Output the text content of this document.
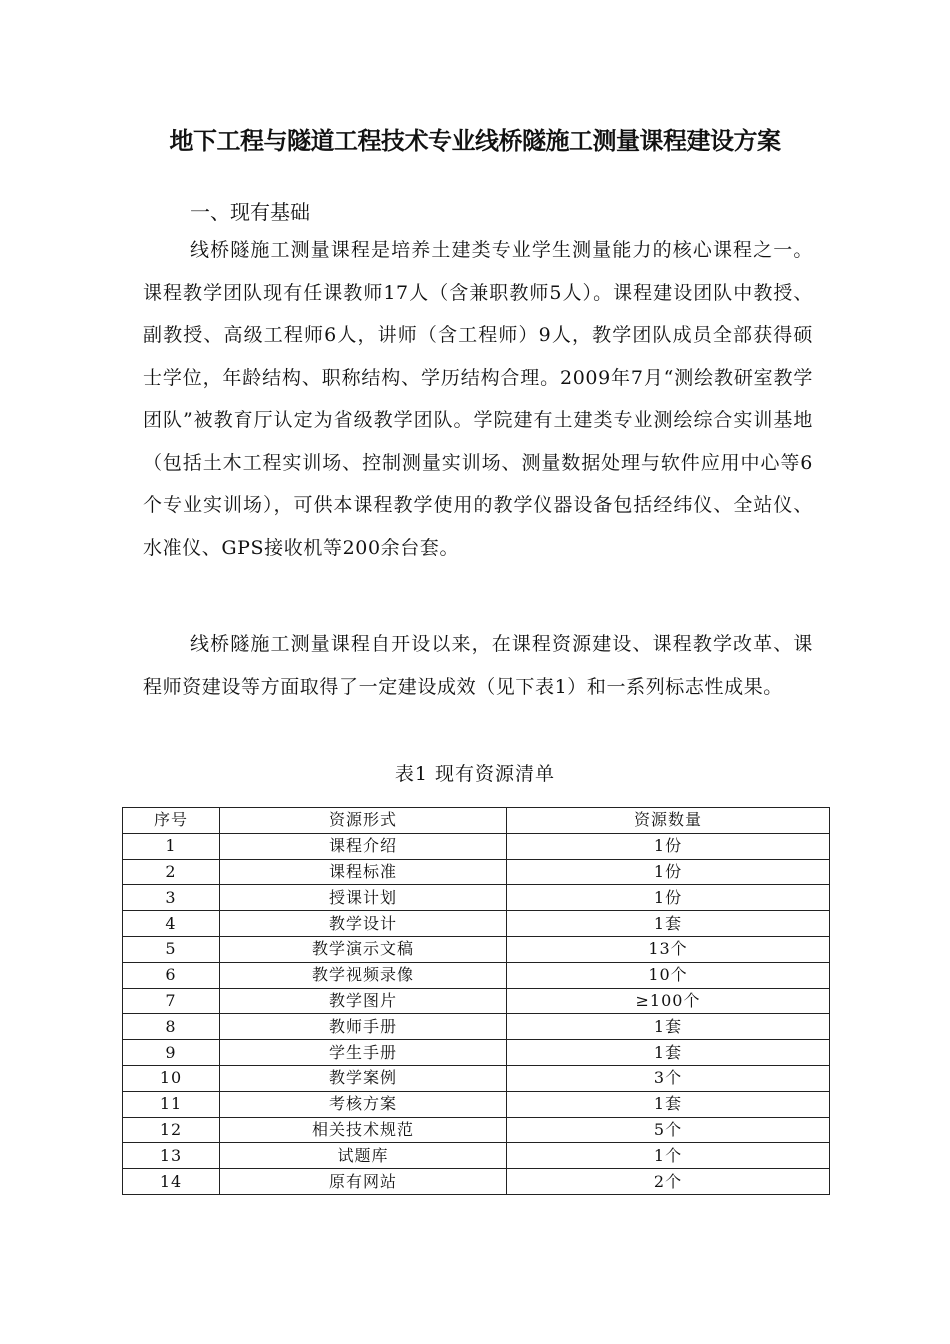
地下工程与隧道工程技术专业线桥隧施工测量课程建设方案
一、现有基础

线桥隧施工测量课程是培养土建类专业学生测量能力的核心课程之一。课程教学团队现有任课教师17人（含兼职教师5人）。课程建设团队中教授、副教授、高级工程师6人，讲师（含工程师）9人，教学团队成员全部获得硕士学位，年龄结构、职称结构、学历结构合理。2009年7月“测绘教研室教学团队”被教育厅认定为省级教学团队。学院建有土建类专业测绘综合实训基地（包括土木工程实训场、控制测量实训场、测量数据处理与软件应用中心等6个专业实训场），可供本课程教学使用的教学仪器设备包括经纬仪、全站仪、水准仪、GPS接收机等200余台套。

线桥隧施工测量课程自开设以来，在课程资源建设、课程教学改革、课程师资建设等方面取得了一定建设成效（见下表1）和一系列标志性成果。

表1 现有资源清单
序号	资源形式	资源数量
1	课程介绍	1份
2	课程标准	1份
3	授课计划	1份
4	教学设计	1套
5	教学演示文稿	13个
6	教学视频录像	10个
7	教学图片	≥100个
8	教师手册	1套
9	学生手册	1套
10	教学案例	3个
11	考核方案	1套
12	相关技术规范	5个
13	试题库	1个
14	原有网站	2个
